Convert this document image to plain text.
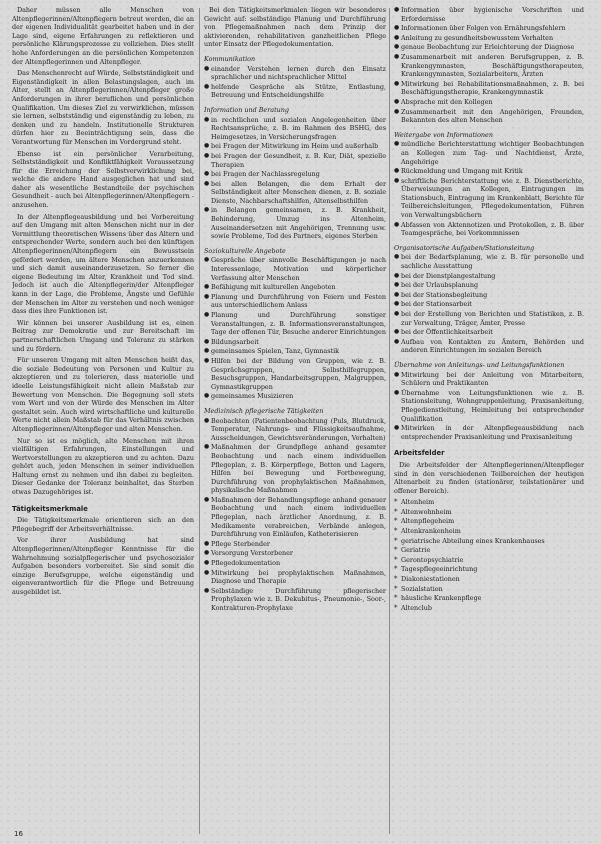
Daher müssen alle Menschen von Altenpflegerinnen/Altenpflegern betreut werden, die an der eigenen Individualität gearbeitet haben und in der Lage sind, eigene Erfahrungen zu reflektieren und persönliche Klärungsprozesse zu vollziehen. Dies stellt hohe Anforderungen an die persönlichen Kompetenzen der Altenpflegerinnen und Altenpfleger.

Das Menschenrecht auf Würde, Selbstständigkeit und Eigenständigkeit in allen Belastungslagen, auch im Alter, stellt an Altenpflegerinnen/Altenpfleger große Anforderungen in ihrer beruflichen und persönlichen Qualifikation. Um dieses Ziel zu verwirklichen, müssen sie lernen, selbstständig und eigenständig zu leben, zu denken und zu handeln. Institutionelle Strukturen dürfen hier zu Beeinträchtigung sein, dass die Verantwortung für Menschen im Vordergrund steht.

Ebenso ist ein persönlicher Verarbeitung, Selbstständigkeit und Konfliktfähigkeit Voraussetzung für die Erreichung der Selbstverwirklichung bei, welche die andere Hand ausgeglichen hat und sind daher als wesentliche Bestandteile der psychischen Gesundheit - auch bei Altenpflegerinnen/Altenpflegern - anzusehen.

In der Altenpflegeausbildung und bei Vorbereitung auf den Umgang mit alten Menschen nicht nur in der Vermittlung theoretischen Wissens über das Altern und entsprechender Werte, sondern auch bei den künftigen Altenpflegerinnen/Altenpflegern ein Bewusstsein gefördert werden, um ältere Menschen anzuerkennen und sich damit auseinanderzusetzen. So ferner die eigene Bedeutung im Alter, Krankheit und Tod sind. Jedoch ist auch die Altenpflegerin/der Altenpfleger kann in der Lage, die Probleme, Ängste und Gefühle der Menschen im Alter zu verstehen und noch weniger dass dies ihre Funktionen ist.

Wir können bei unserer Ausbildung ist es, einen Beitrag zur Demokratie und zur Bereitschaft im partnerschaftlichen Umgang und Toleranz zu stärken und zu fördern.

Für unseren Umgang mit alten Menschen heißt das, die soziale Bedeutung von Personen und Kultur zu akzeptieren und zu tolerieren, dass materielle und ideelle Leistungsfähigkeit nicht allein Maßstab zur Bewertung von Menschen. Die Begegnung soll stets vom Wert und von der Würde des Menschen im Alter gestaltet sein. Auch wird wirtschaftliche und kulturelle Werte nicht allein Maßstab für das Verhältnis zwischen Altenpflegerinnen/Altenpfleger und alten Menschen.

Nur so ist es möglich, alte Menschen mit ihren vielfältigen Erfahrungen, Einstellungen und Wertvorstellungen zu akzeptieren und zu achten. Dazu gehört auch, jeden Menschen in seiner individuellen Haltung ernst zu nehmen und ihn dabei zu begleiten. Dieser Gedanke der Toleranz beinhaltet, das Sterben etwas Dazugehöriges ist.

Tätigkeitsmerkmale

Die Tätigkeitsmerkmale orientieren sich an den Pflegebegriff der Arbeitsverhältnisse.

Vor ihrer Ausbildung hat sind Altenpflegerinnen/Altenpfleger Kenntnisse für die Wahrnehmung sozialpflegerischer und psychosozialer Aufgaben besonders vorbereitet. Sie sind somit die einzige Berufsgruppe, welche eigenständig und eigenverantwortlich für die Pflege und Betreuung ausgebildet ist.

Bei den Tätigkeitsmerkmalen liegen wir besonderes Gewicht auf: selbständige Planung und Durchführung von Pflegemaßnahmen nach dem Prinzip der aktivierenden, rehabilitativen ganzheitlichen Pflege unter Einsatz der Pflegedokumentation.

Kommunikation
● einander Verstehen lernen durch den Einsatz sprachlicher und nichtsprachlicher Mittel
● helfende Gespräche als Stütze, Entlastung, Betreuung und Entscheidungshilfe
Information und Beratung
● in rechtlichen und sozialen Angelegenheiten über Rechtsansprüche, z. B. im Rahmen des BSHG, des Heimgesetzes, in Versicherungsfragen
● bei Fragen der Mitwirkung im Heim und außerhalb
● bei Fragen der Gesundheit, z. B. Kur, Diät, spezielle Therapien
● bei Fragen der Nachlassregelung
● bei allen Belangen, die dem Erhalt der Selbständigkeit alter Menschen dienen, z. B. soziale Dienste, Nachbarschaftshilfen, Altenselbsthilfen
● in Belangen gemeinsamen, z. B. Krankheit, Behinderung, Umzug ins Altenheim, Auseinandersetzen mit Angehörigen, Trennung usw. sowie Probleme, Tod des Partners, eigenes Sterben
Soziokulturelle Angebote
● Gespräche über sinnvolle Beschäftigungen je nach Interessenlage, Motivation und körperlicher Verfassung alter Menschen
● Befähigung mit kulturellen Angeboten
● Planung und Durchführung von Feiern und Festen aus unterschiedlichem Anlass
● Planung und Durchführung sonstiger Veranstaltungen, z. B. Informationsveranstaltungen, Tage der offenen Tür, Besuche anderer Einrichtungen
● Bildungsarbeit
● gemeinsames Spielen, Tanz, Gymnastik
● Hilfen bei der Bildung von Gruppen, wie z. B. Gesprächsgruppen, Selbsthilfegruppen, Besuchsgruppen, Handarbeitsgruppen, Malgruppen, Gymnastikgruppen
● gemeinsames Musizieren
Medizinisch pflegerische Tätigkeiten
● Beobachten (Patientenbeobachtung (Puls, Blutdruck, Temperatur, Nahrungs- und Flüssigkeitsaufnahme, Ausscheidungen, Gewichtsveränderungen, Verhalten)
● Maßnahmen der Grundpflege anhand gesamter Beobachtung und nach einem individuellen Pflegeplan, z. B. Körperpflege, Betten und Lagern, Hilfen bei Bewegung und Fortbewegung, Durchführung von prophylaktischen Maßnahmen, physikalische Maßnahmen
● Maßnahmen der Behandlungspflege anhand genauer Beobachtung und nach einem individuellen Pflegeplan, nach ärztlicher Anordnung, z. B. Medikamente verabreichen, Verbände anlegen, Durchführung von Einläufen, Katheterisieren
● Pflege Sterbender
● Versorgung Verstorbener
● Pflegedokumentation
● Mitwirkung bei prophylaktischen Maßnahmen, Diagnose und Therapie
● Selbständige Durchführung pflegerischer Prophylaxen wie z. B. Dekubitus-, Pneumonie-, Soor-, Kontrakturen-Prophylaxe
● Information über hygienische Vorschriften und Erfordernisse
● Informationen über Folgen von Ernährungsfehlern
● Anleitung zu gesundheitsbewusstem Verhalten
● genaue Beobachtung zur Erleichterung der Diagnose
● Zusammenarbeit mit anderen Berufsgruppen, z. B. Krankengymnasten, Beschäftigungstherapeuten, Krankengymnasten, Sozialarbeitern, Ärzten
● Mitwirkung bei Rehabilitationsmaßnahmen, z. B. bei Beschäftigungstherapie, Krankengymnastik
● Absprache mit den Kollegen
● Zusammenarbeit mit den Angehörigen, Freunden, Bekannten des alten Menschen
Weitergabe von Informationen
● mündliche Berichterstattung wichtiger Beobachtungen an Kollegen zum Tag- und Nachtdienst, Ärzte, Angehörige
● Rückmeldung und Umgang mit Kritik
● schriftliche Berichterstattung wie z. B. Dienstberichte, Überweisungen an Kollegen, Eintragungen im Stationsbuch, Eintragung im Krankenblatt, Berichte für Teilbereichsleitungen, Pflegedokumentation, Führen von Verwaltungsbüchern
● Abfassen von Aktennotizen und Protokollen, z. B. über Teamgespräche, bei Vorkommnissen
Organisatorische Aufgaben/Stationsleitung
● bei der Bedarfsplanung, wie z. B. für personelle und sachliche Ausstattung
● bei der Dienstplangestaltung
● bei der Urlaubsplanung
● bei der Stationsbegleitung
● bei der Stationsarbeit
● bei der Erstellung von Berichten und Statistiken, z. B. zur Verwaltung, Träger, Ämter, Presse
● bei der Öffentlichkeitsarbeit
● Aufbau von Kontakten zu Ämtern, Behörden und anderen Einrichtungen im sozialen Bereich
Übernahme von Anleitungs- und Leitungsfunktionen
● Mitwirkung bei der Anleitung von Mitarbeitern, Schülern und Praktikanten
● Übernahme von Leitungsfunktionen wie z. B. Stationsleitung, Wohngruppenleitung, Praxisanleitung, Pflegedienstleitung, Heimleitung bei entsprechender Qualifikation
● Mitwirken in der Altenpflegeausbildung nach entsprechender Praxisanleitung und Praxisanleitung
Arbeitsfelder

Die Arbeitsfelder der Altenpflegerinnen/Altenpfleger sind in den verschiedenen Teilbereichen der heutigen Altenarbeit zu finden (stationärer, teilstationärer und offener Bereich).

* Altenheim
* Altenwohnheim
* Altenpflegeheim
* Altenkrankenheim
* geriatrische Abteilung eines Krankenhauses
* Geriatrie
* Gerontopsychiatrie
* Tagespflegeeinrichtung
* Diakoniestationen
* Sozialstation
* häusliche Krankenpflege
* Altenclub
16
